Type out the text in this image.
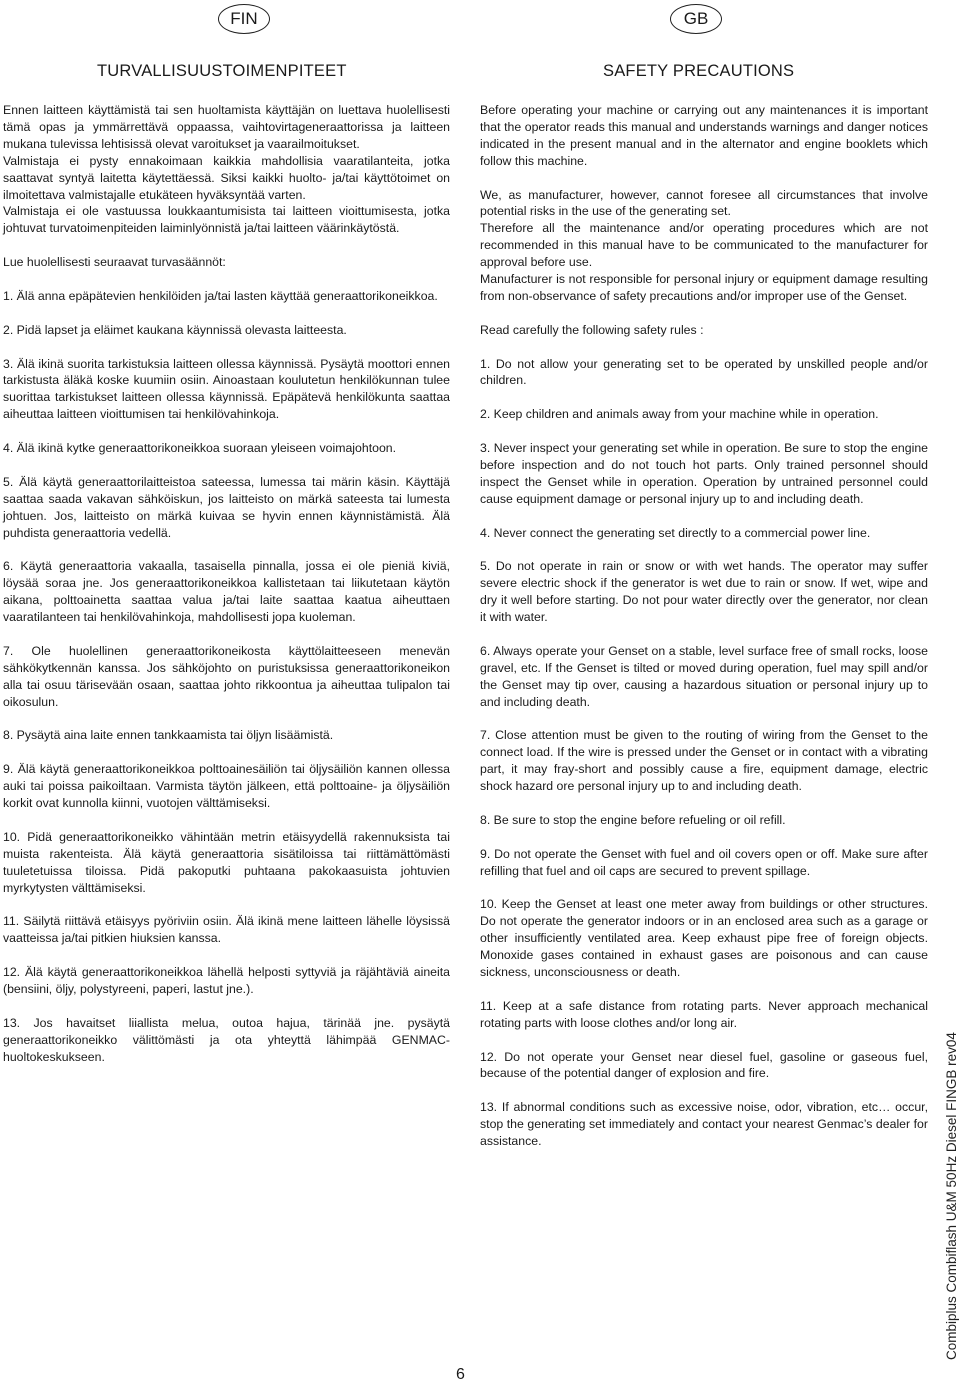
FIN	GB
TURVALLISUUSTOIMENPITEET	SAFETY PRECAUTIONS

Ennen laitteen käyttämistä tai sen huoltamista käyttäjän on luettava huolellisesti tämä opas ja ymmärrettävä oppaassa, vaihtovirtageneraattorissa ja laitteen mukana tulevissa lehtisissä olevat varoitukset ja vaarailmoitukset.

Valmistaja ei pysty ennakoimaan kaikkia mahdollisia vaaratilanteita, jotka saattavat syntyä laitetta käytettäessä. Siksi kaikki huolto- ja/tai käyttötoimet on ilmoitettava valmistajalle etukäteen hyväksyntää varten.

Valmistaja ei ole vastuussa loukkaantumisista tai laitteen vioittumisesta, jotka johtuvat turvatoimenpiteiden laiminlyönnistä ja/tai laitteen väärinkäytöstä.

Lue huolellisesti seuraavat turvasäännöt:

1. Älä anna epäpätevien henkilöiden ja/tai lasten käyttää generaattorikoneikkoa.

2. Pidä lapset ja eläimet kaukana käynnissä olevasta laitteesta.

3. Älä ikinä suorita tarkistuksia laitteen ollessa käynnissä. Pysäytä moottori ennen tarkistusta äläkä koske kuumiin osiin. Ainoastaan koulutetun henkilökunnan tulee suorittaa tarkistukset laitteen ollessa käynnissä. Epäpätevä henkilökunta saattaa aiheuttaa laitteen vioittumisen tai henkilövahinkoja.

4. Älä ikinä kytke generaattorikoneikkoa suoraan yleiseen voimajohtoon.

5. Älä käytä generaattorilaitteistoa sateessa, lumessa tai märin käsin. Käyttäjä saattaa saada vakavan sähköiskun, jos laitteisto on märkä sateesta tai lumesta johtuen. Jos, laitteisto on märkä kuivaa se hyvin ennen käynnistämistä. Älä puhdista generaattoria vedellä.

6. Käytä generaattoria vakaalla, tasaisella pinnalla, jossa ei ole pieniä kiviä, löysää soraa jne. Jos generaattorikoneikkoa kallistetaan tai liikutetaan käytön aikana, polttoainetta saattaa valua ja/tai laite saattaa kaatua aiheuttaen vaaratilanteen tai henkilövahinkoja, mahdollisesti jopa kuoleman.

7. Ole huolellinen generaattorikoneikosta käyttölaitteeseen menevän sähkökytkennän kanssa. Jos sähköjohto on puristuksissa generaattorikoneikon alla tai osuu tärisevään osaan, saattaa johto rikkoontua ja aiheuttaa tulipalon tai oikosulun.

8. Pysäytä aina laite ennen tankkaamista tai öljyn lisäämistä.

9. Älä käytä generaattorikoneikkoa polttoainesäiliön tai öljysäiliön kannen ollessa auki tai poissa paikoiltaan. Varmista täytön jälkeen, että polttoaine- ja öljysäiliön korkit ovat kunnolla kiinni, vuotojen välttämiseksi.

10. Pidä generaattorikoneikko vähintään metrin etäisyydellä rakennuksista tai muista rakenteista. Älä käytä generaattoria sisätiloissa tai riittämättömästi tuuletetuissa tiloissa. Pidä pakoputki puhtaana pakokaasuista johtuvien myrkytysten välttämiseksi.

11. Säilytä riittävä etäisyys pyöriviin osiin. Älä ikinä mene laitteen lähelle löysissä vaatteissa ja/tai pitkien hiuksien kanssa.

12. Älä käytä generaattorikoneikkoa lähellä helposti syttyviä ja räjähtäviä aineita (bensiini, öljy, polystyreeni, paperi, lastut jne.).

13. Jos havaitset liiallista melua, outoa hajua, tärinää jne. pysäytä generaattorikoneikko välittömästi ja ota yhteyttä lähimpää GENMAC-huoltokeskukseen.

Before operating your machine or carrying out any maintenances it is important that the operator reads this manual and understands warnings and danger notices indicated in the present manual and in the alternator and engine booklets which follow this machine.

We, as manufacturer, however, cannot foresee all circumstances that involve potential risks in the use of the generating set.

Therefore all the maintenance and/or operating procedures which are not recommended in this manual have to be communicated to the manufacturer for approval before use.

Manufacturer is not responsible for personal injury or equipment damage resulting from non-observance of safety precautions and/or improper use of the Genset.

Read carefully the following safety rules :

1. Do not allow your generating set to be operated by unskilled people and/or children.

2. Keep children and animals away from your machine while in operation.

3. Never inspect your generating set while in operation. Be sure to stop the engine before inspection and do not touch hot parts. Only trained personnel should inspect the Genset while in operation. Operation by untrained personnel could cause equipment damage or personal injury up to and including death.

4. Never connect the generating set directly to a commercial power line.

5. Do not operate in rain or snow or with wet hands. The operator may suffer severe electric shock if the generator is wet due to rain or snow. If wet, wipe and dry it well before starting. Do not pour water directly over the generator, nor clean it with water.

6. Always operate your Genset on a stable, level surface free of small rocks, loose gravel, etc. If the Genset is tilted or moved during operation, fuel may spill and/or the Genset may tip over, causing a hazardous situation or personal injury up to and including death.

7. Close attention must be given to the routing of wiring from the Genset to the connect load. If the wire is pressed under the Genset or in contact with a vibrating part, it may fray-short and possibly cause a fire, equipment damage, electric shock hazard ore personal injury up to and including death.

8. Be sure to stop the engine before refueling or oil refill.

9. Do not operate the Genset with fuel and oil covers open or off. Make sure after refilling that fuel and oil caps are secured to prevent spillage.

10. Keep the Genset at least one meter away from buildings or other structures. Do not operate the generator indoors or in an enclosed area such as a garage or other insufficiently ventilated area. Keep exhaust pipe free of foreign objects. Monoxide gases contained in exhaust gases are poisonous and can cause sickness, unconsciousness or death.

11. Keep at a safe distance from rotating parts. Never approach mechanical rotating parts with loose clothes and/or long air.

12. Do not operate your Genset near diesel fuel, gasoline or gaseous fuel, because of the potential danger of explosion and fire.

13. If abnormal conditions such as excessive noise, odor, vibration, etc… occur, stop the generating set immediately and contact your nearest Genmac’s dealer for assistance.

6
Combiplus Combiflash U&M 50Hz Diesel FINGB rev04
